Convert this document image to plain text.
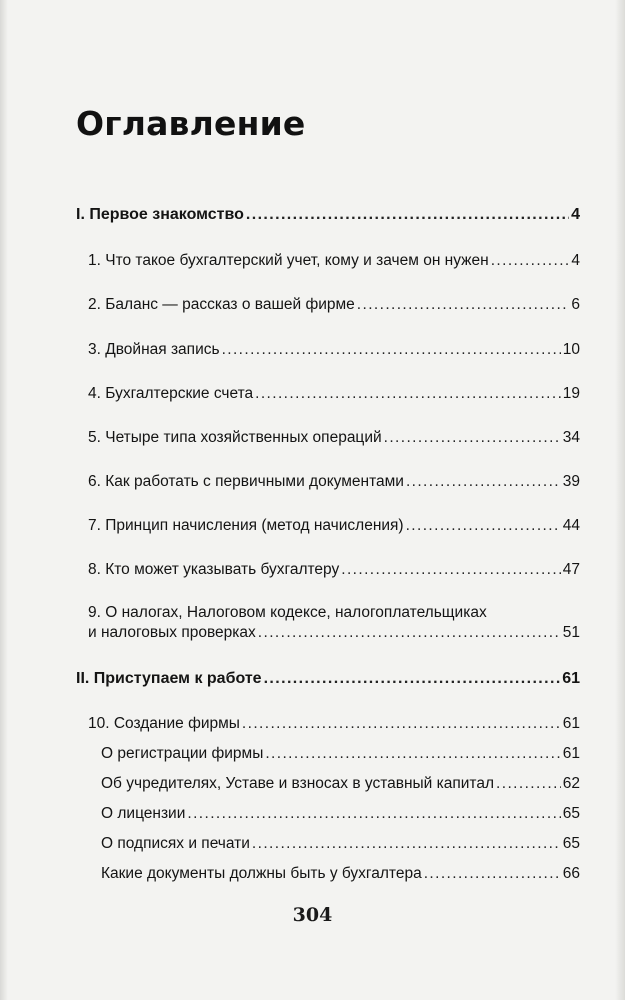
Оглавление
I. Первое знакомство .....	4
1. Что такое бухгалтерский учет, кому и зачем он нужен .....	4
2. Баланс — рассказ о вашей фирме .....	6
3. Двойная запись .....	10
4. Бухгалтерские счета .....	19
5. Четыре типа хозяйственных операций .....	34
6. Как работать с первичными документами .....	39
7. Принцип начисления (метод начисления) .....	44
8. Кто может указывать бухгалтеру .....	47
9. О налогах, Налоговом кодексе, налогоплательщиках
и налоговых проверках .....	51
II. Приступаем к работе .....	61
10. Создание фирмы .....	61
О регистрации фирмы .....	61
Об учредителях, Уставе и взносах в уставный капитал .....	62
О лицензии .....	65
О подписях и печати .....	65
Какие документы должны быть у бухгалтера .....	66
304
